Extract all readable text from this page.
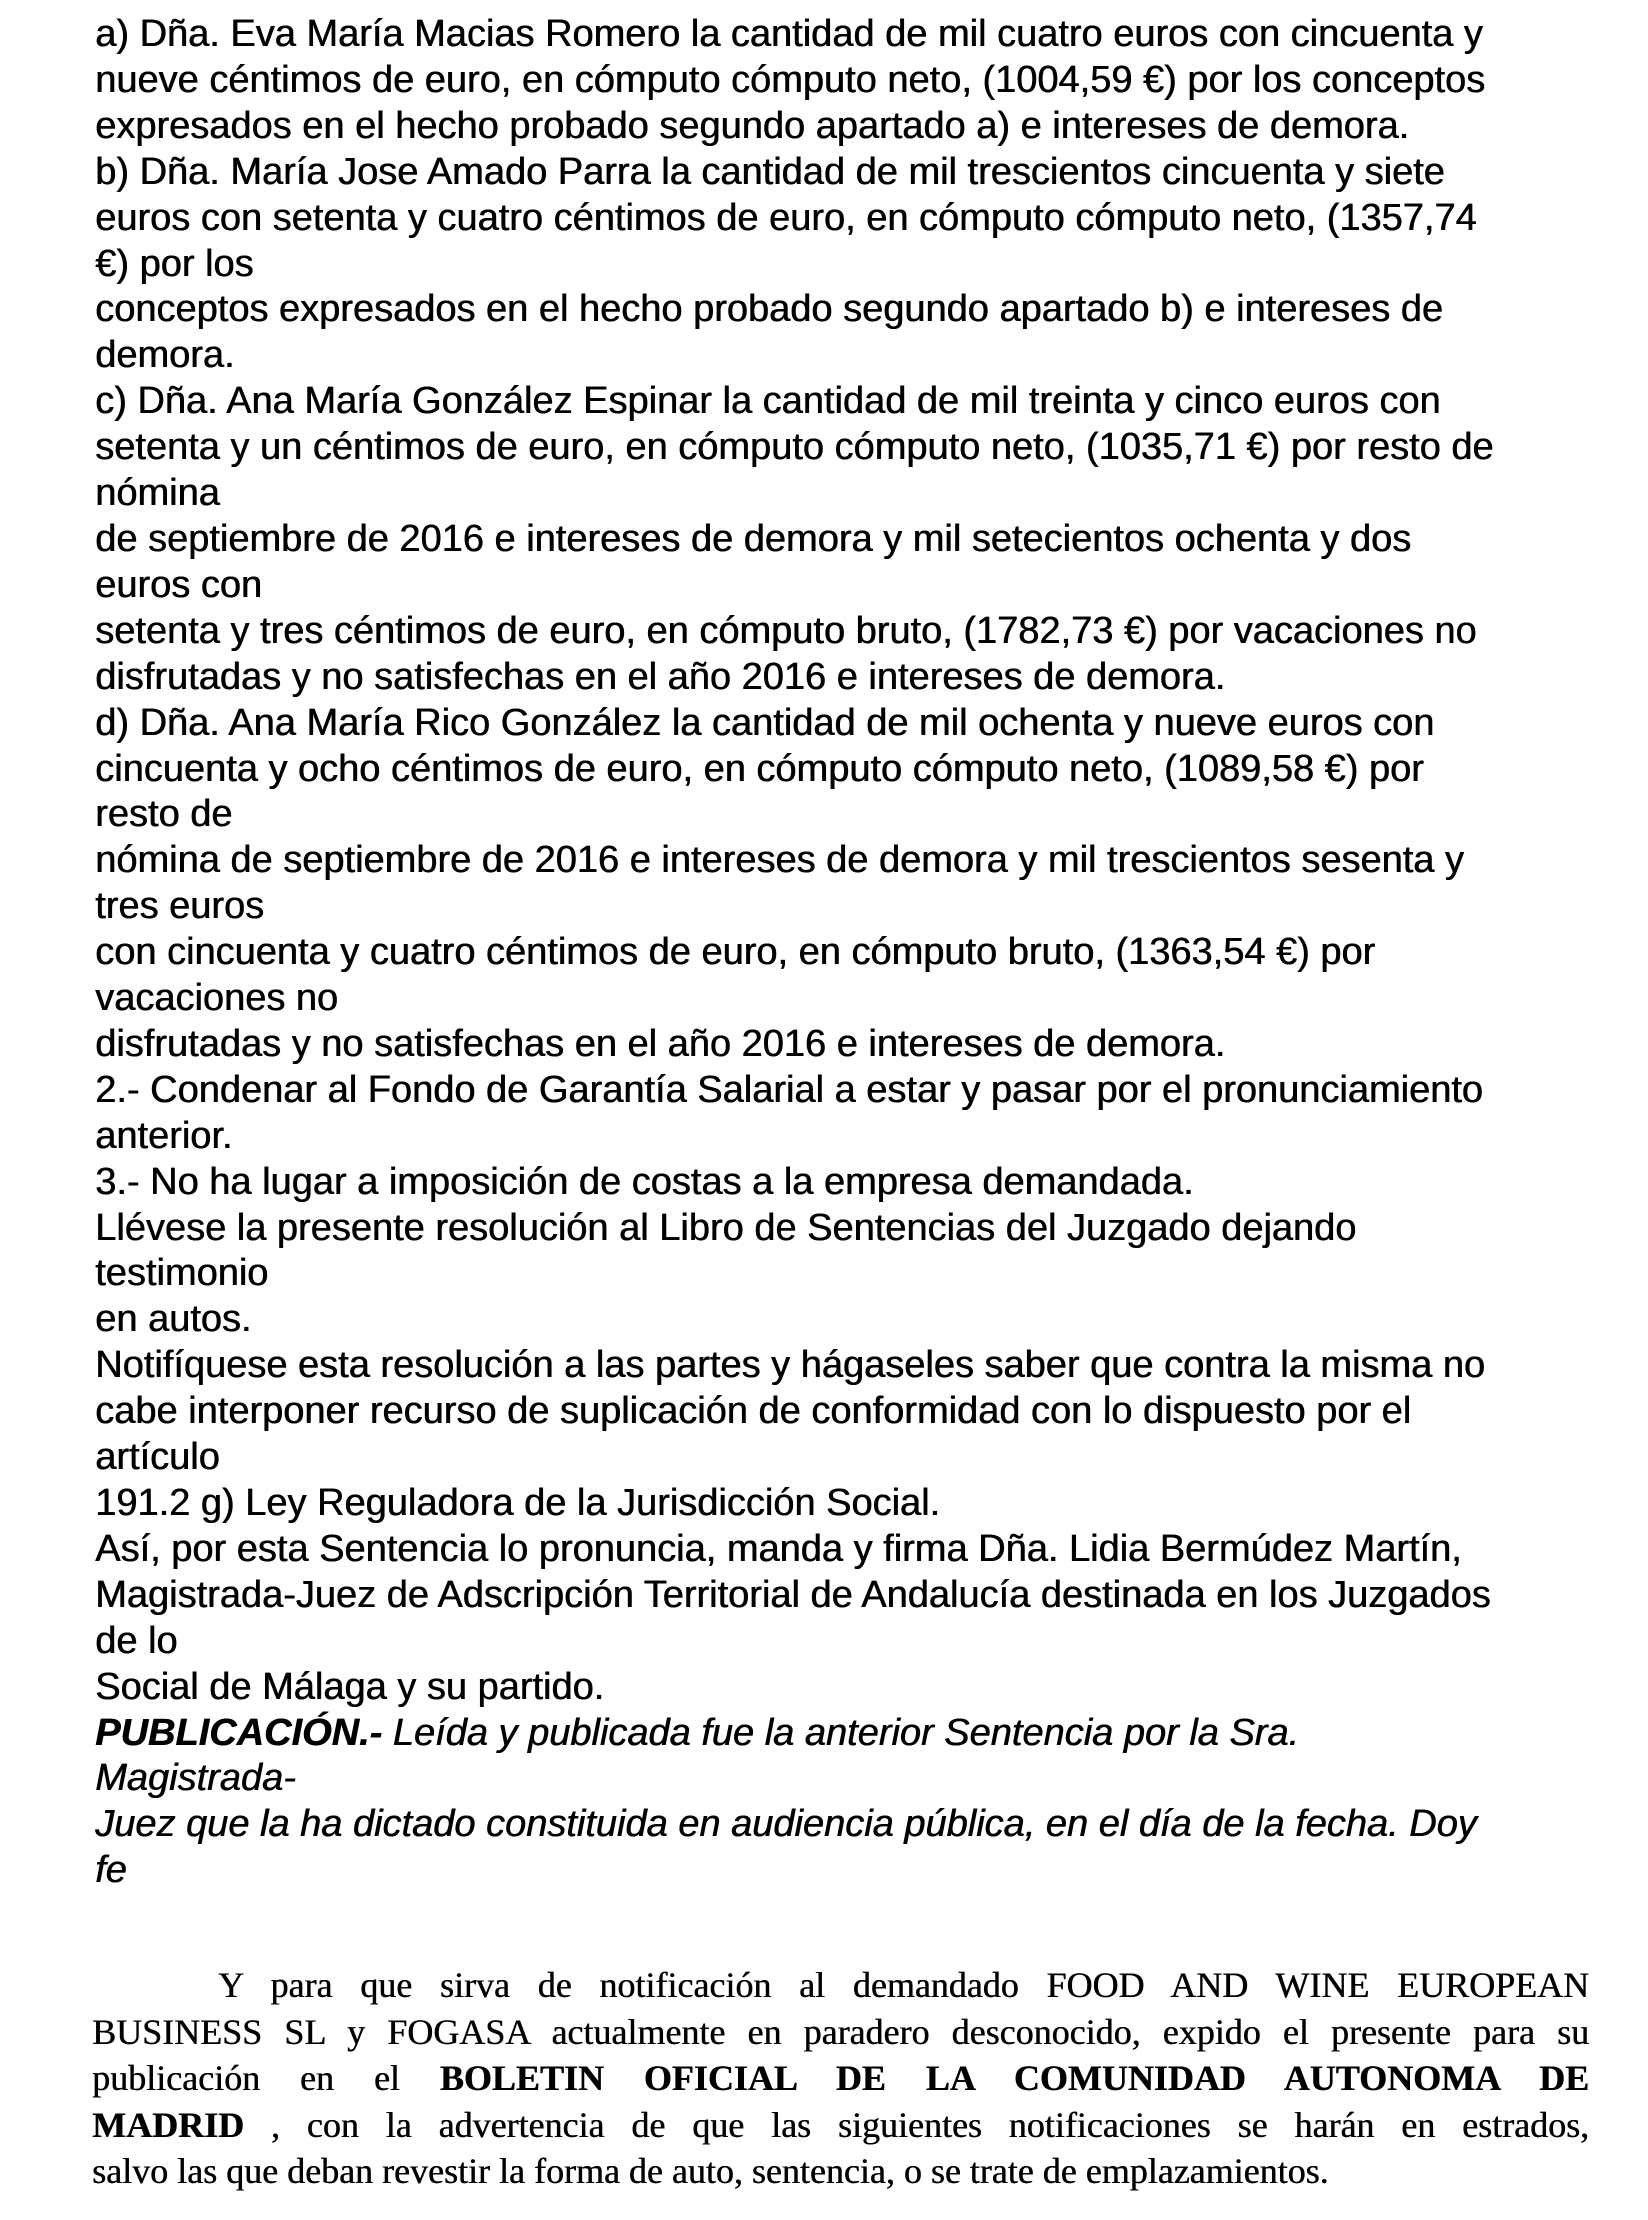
a) Dña. Eva María Macias Romero la cantidad de mil cuatro euros con cincuenta y
nueve céntimos de euro, en cómputo cómputo neto, (1004,59 €) por los conceptos
expresados en el hecho probado segundo apartado a) e intereses de demora.
b) Dña. María Jose Amado Parra la cantidad de mil trescientos cincuenta y siete
euros con setenta y cuatro céntimos de euro, en cómputo cómputo neto, (1357,74
€) por los
conceptos expresados en el hecho probado segundo apartado b) e intereses de
demora.
c) Dña. Ana María González Espinar la cantidad de mil treinta y cinco euros con
setenta y un céntimos de euro, en cómputo cómputo neto, (1035,71 €) por resto de
nómina
de septiembre de 2016 e intereses de demora y mil setecientos ochenta y dos
euros con
setenta y tres céntimos de euro, en cómputo bruto, (1782,73 €) por vacaciones no
disfrutadas y no satisfechas en el año 2016 e intereses de demora.
d) Dña. Ana María Rico González la cantidad de mil ochenta y nueve euros con
cincuenta y ocho céntimos de euro, en cómputo cómputo neto, (1089,58 €) por
resto de
nómina de septiembre de 2016 e intereses de demora y mil trescientos sesenta y
tres euros
con cincuenta y cuatro céntimos de euro, en cómputo bruto, (1363,54 €) por
vacaciones no
disfrutadas y no satisfechas en el año 2016 e intereses de demora.
2.- Condenar al Fondo de Garantía Salarial a estar y pasar por el pronunciamiento
anterior.
3.- No ha lugar a imposición de costas a la empresa demandada.
Llévese la presente resolución al Libro de Sentencias del Juzgado dejando
testimonio
en autos.
Notifíquese esta resolución a las partes y hágaseles saber que contra la misma no
cabe interponer recurso de suplicación de conformidad con lo dispuesto por el
artículo
191.2 g) Ley Reguladora de la Jurisdicción Social.
Así, por esta Sentencia lo pronuncia, manda y firma Dña. Lidia Bermúdez Martín,
Magistrada-Juez de Adscripción Territorial de Andalucía destinada en los Juzgados
de lo
Social de Málaga y su partido.
PUBLICACIÓN.- Leída y publicada fue la anterior Sentencia por la Sra.
Magistrada-
Juez que la ha dictado constituida en audiencia pública, en el día de la fecha. Doy
fe
Y para que sirva de notificación al demandado FOOD AND WINE EUROPEAN
BUSINESS SL y FOGASA actualmente en paradero desconocido, expido el presente para su
publicación en el BOLETIN OFICIAL DE LA COMUNIDAD AUTONOMA DE
MADRID , con la advertencia de que las siguientes notificaciones se harán en estrados,
salvo las que deban revestir la forma de auto, sentencia, o se trate de emplazamientos.
